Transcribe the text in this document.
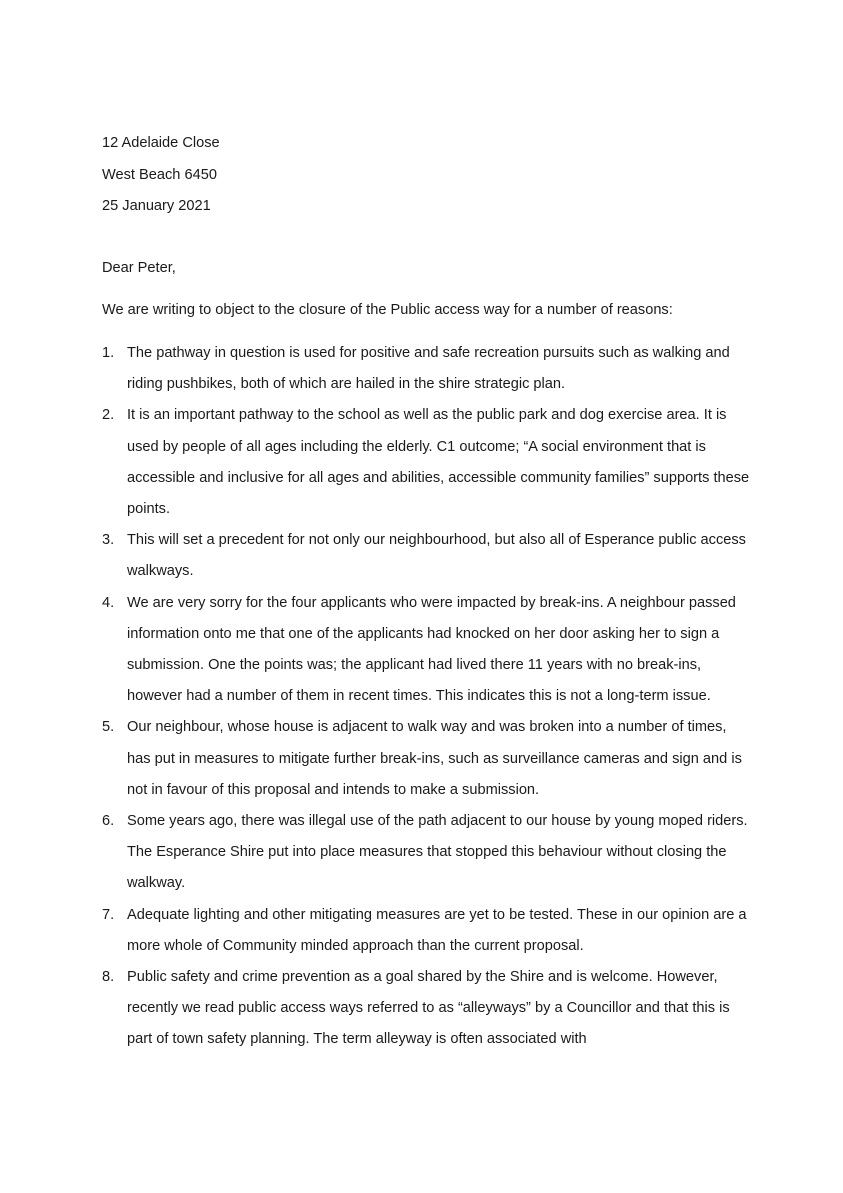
12 Adelaide Close
West Beach 6450
25 January 2021
Dear Peter,
We are writing to object to the closure of the Public access way for a number of reasons:
1. The pathway in question is used for positive and safe recreation pursuits such as walking and riding pushbikes, both of which are hailed in the shire strategic plan.
2. It is an important pathway to the school as well as the public park and dog exercise area. It is used by people of all ages including the elderly. C1 outcome; “A social environment that is accessible and inclusive for all ages and abilities, accessible community families” supports these points.
3. This will set a precedent for not only our neighbourhood, but also all of Esperance public access walkways.
4. We are very sorry for the four applicants who were impacted by break-ins. A neighbour passed information onto me that one of the applicants had knocked on her door asking her to sign a submission. One the points was; the applicant had lived there 11 years with no break-ins, however had a number of them in recent times. This indicates this is not a long-term issue.
5. Our neighbour, whose house is adjacent to walk way and was broken into a number of times, has put in measures to mitigate further break-ins, such as surveillance cameras and sign and is not in favour of this proposal and intends to make a submission.
6. Some years ago, there was illegal use of the path adjacent to our house by young moped riders. The Esperance Shire put into place measures that stopped this behaviour without closing the walkway.
7. Adequate lighting and other mitigating measures are yet to be tested. These in our opinion are a more whole of Community minded approach than the current proposal.
8. Public safety and crime prevention as a goal shared by the Shire and is welcome. However, recently we read public access ways referred to as “alleyways” by a Councillor and that this is part of town safety planning. The term alleyway is often associated with
